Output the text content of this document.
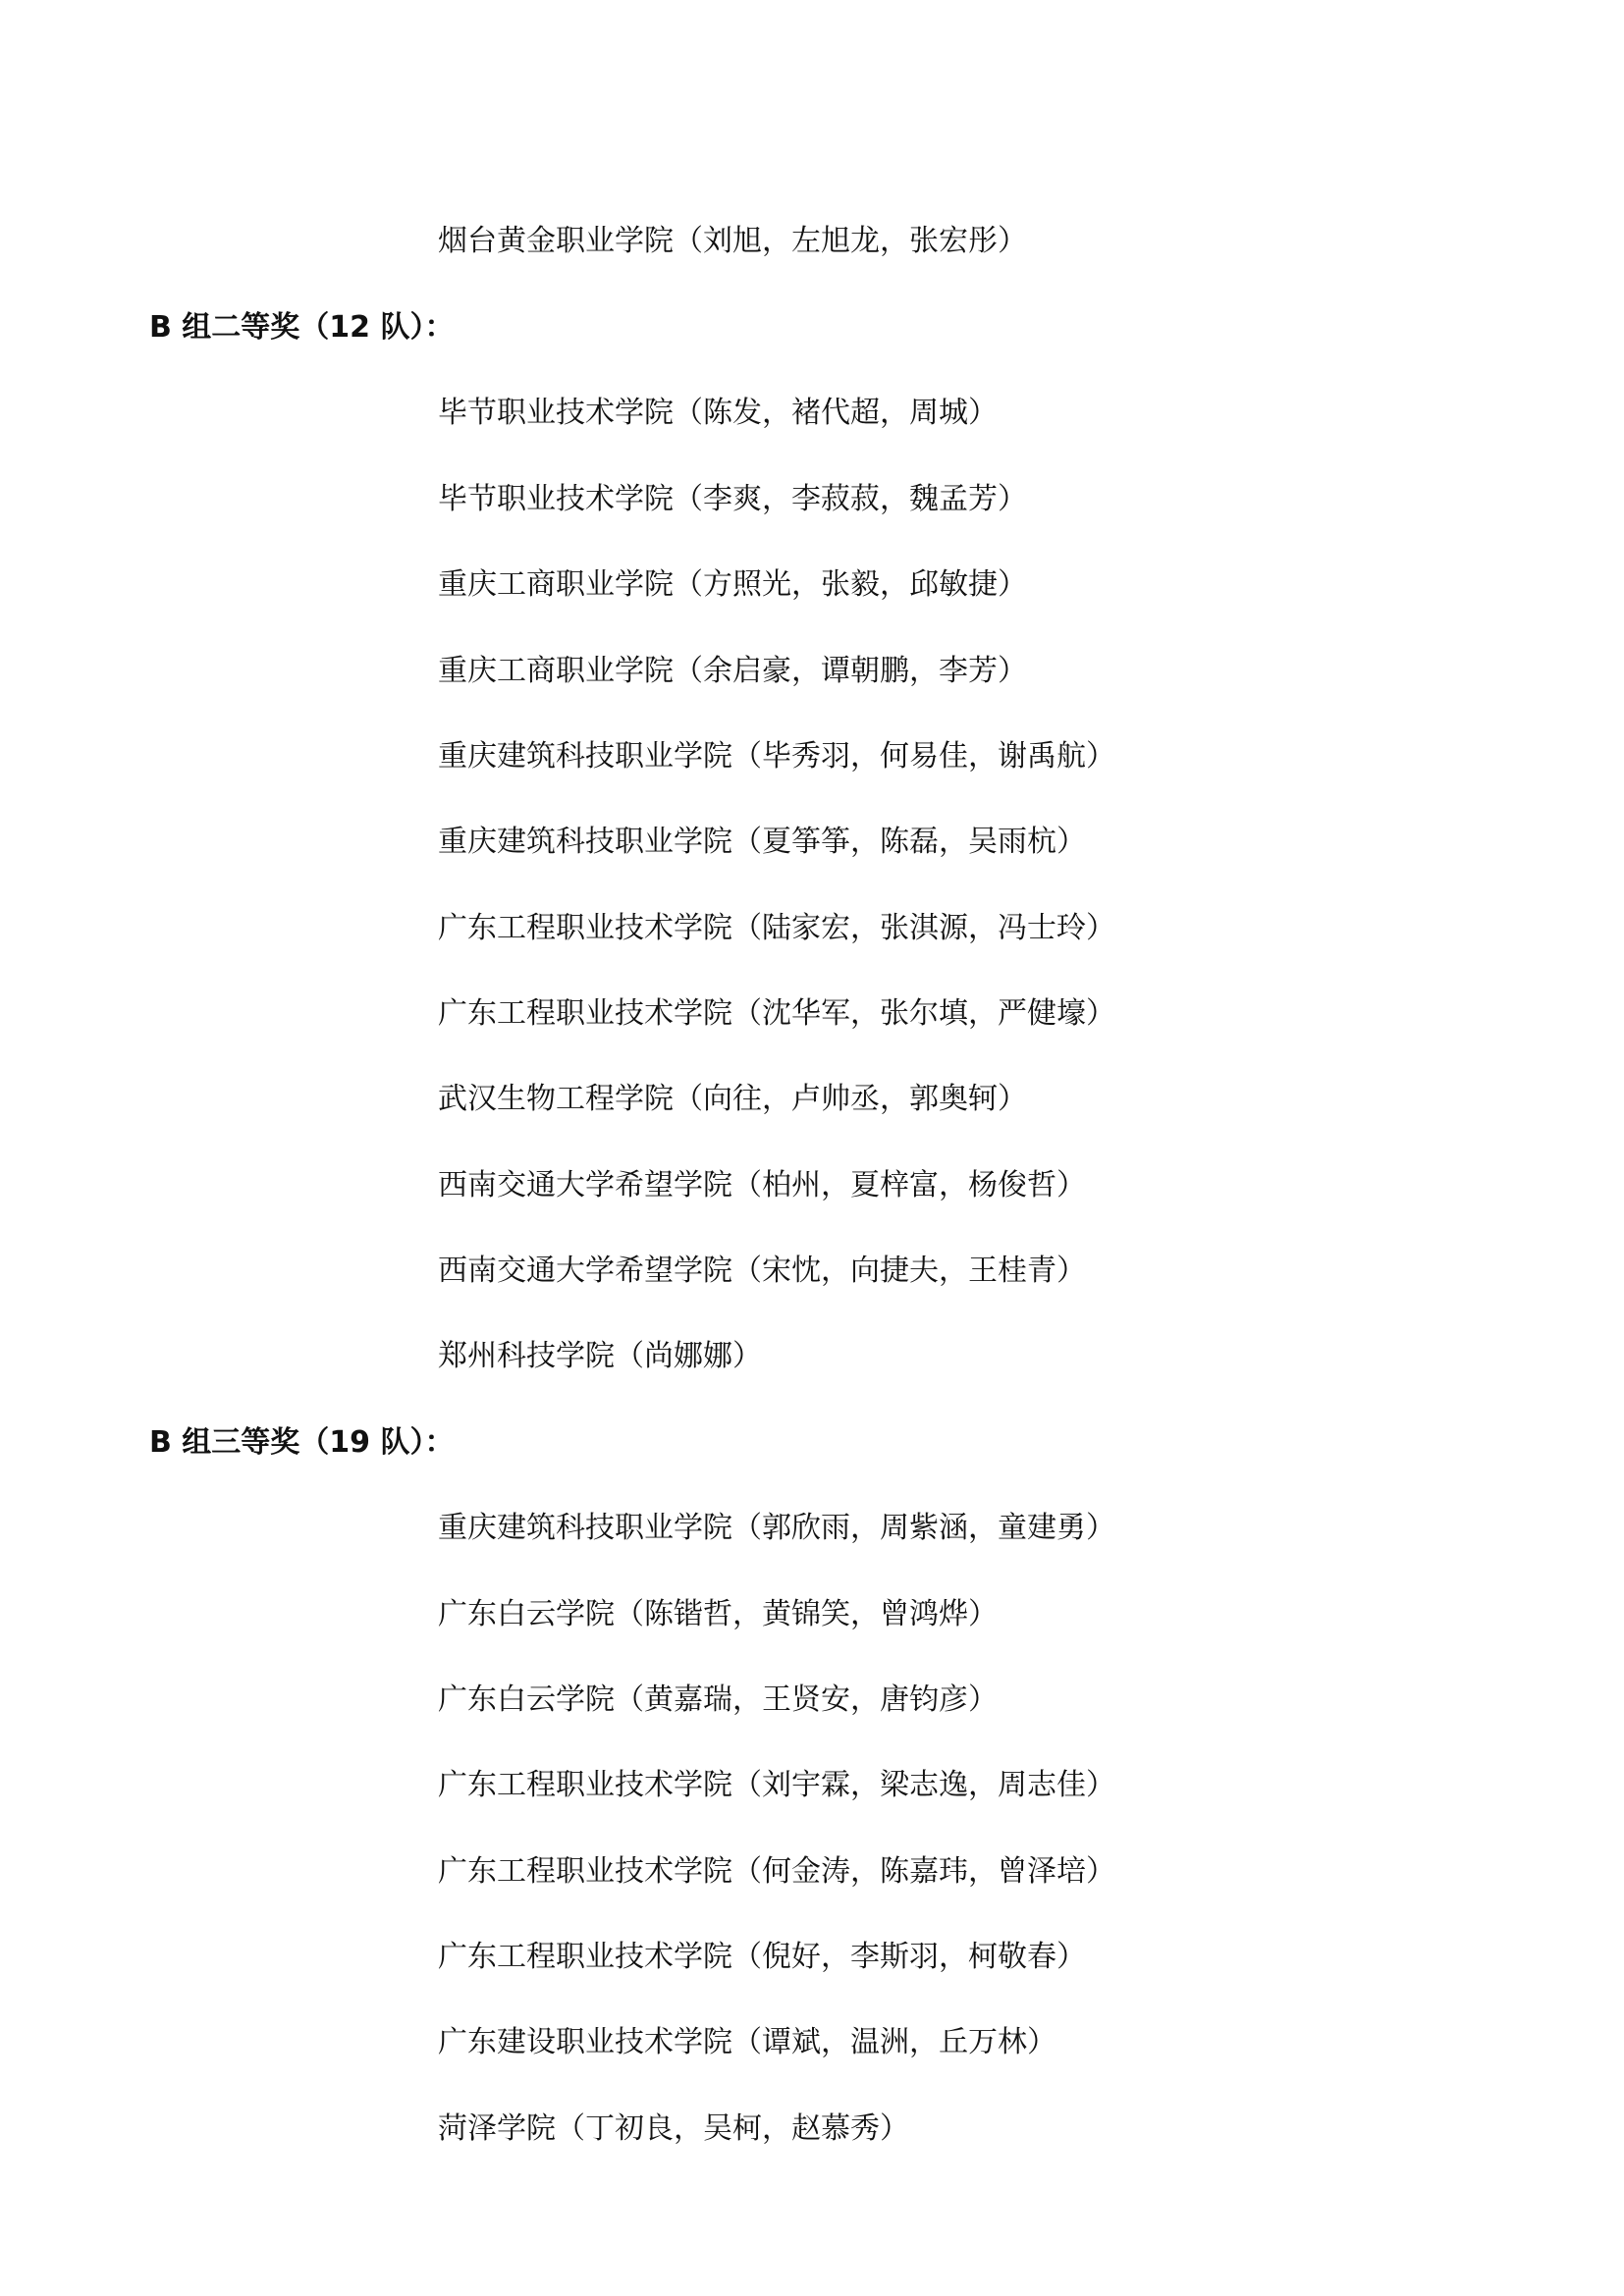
烟台黄金职业学院（刘旭，左旭龙，张宏彤）
B 组二等奖（12 队）：
毕节职业技术学院（陈发，褚代超，周城）
毕节职业技术学院（李爽，李菽菽，魏孟芳）
重庆工商职业学院（方照光，张毅，邱敏捷）
重庆工商职业学院（余启豪，谭朝鹏，李芳）
重庆建筑科技职业学院（毕秀羽，何易佳，谢禹航）
重庆建筑科技职业学院（夏筝筝，陈磊，吴雨杭）
广东工程职业技术学院（陆家宏，张淇源，冯士玲）
广东工程职业技术学院（沈华军，张尔填，严健壕）
武汉生物工程学院（向往，卢帅丞，郭奥轲）
西南交通大学希望学院（柏州，夏梓富，杨俊哲）
西南交通大学希望学院（宋忱，向捷夫，王桂青）
郑州科技学院（尚娜娜）
B 组三等奖（19 队）：
重庆建筑科技职业学院（郭欣雨，周紫涵，童建勇）
广东白云学院（陈锴哲，黄锦笑，曾鸿烨）
广东白云学院（黄嘉瑞，王贤安，唐钧彦）
广东工程职业技术学院（刘宇霖，梁志逸，周志佳）
广东工程职业技术学院（何金涛，陈嘉玮，曾泽培）
广东工程职业技术学院（倪好，李斯羽，柯敬春）
广东建设职业技术学院（谭斌，温洲，丘万林）
菏泽学院（丁初良，吴柯，赵慕秀）
